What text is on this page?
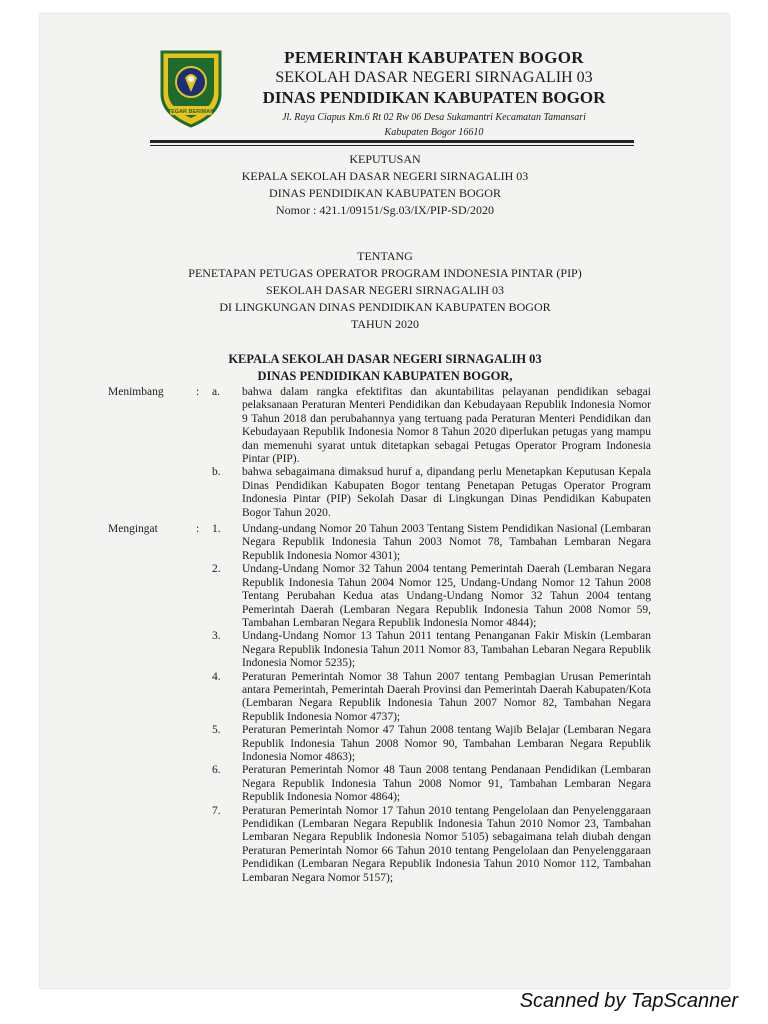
TEGAR BERIMAN
PEMERINTAH KABUPATEN BOGOR
SEKOLAH DASAR NEGERI SIRNAGALIH 03
DINAS PENDIDIKAN KABUPATEN BOGOR
Jl. Raya Ciapus Km.6 Rt 02 Rw 06 Desa Sukamantri Kecamatan Tamansari
Kabupaten Bogor 16610
KEPUTUSAN
KEPALA SEKOLAH DASAR NEGERI SIRNAGALIH 03
DINAS PENDIDIKAN KABUPATEN BOGOR
Nomor : 421.1/09151/Sg.03/IX/PIP-SD/2020
TENTANG
PENETAPAN PETUGAS OPERATOR PROGRAM INDONESIA PINTAR (PIP)
SEKOLAH DASAR NEGERI SIRNAGALIH 03
DI LINGKUNGAN DINAS PENDIDIKAN KABUPATEN BOGOR
TAHUN 2020
KEPALA SEKOLAH DASAR NEGERI SIRNAGALIH 03
DINAS PENDIDIKAN KABUPATEN BOGOR,
Menimbang	:	a.	bahwa dalam rangka efektifitas dan akuntabilitas pelayanan pendidikan sebagai pelaksanaan Peraturan Menteri Pendidikan dan Kebudayaan Republik Indonesia Nomor 9 Tahun 2018 dan perubahannya yang tertuang pada Peraturan Menteri Pendidikan dan Kebudayaan Republik Indonesia Nomor 8 Tahun 2020 diperlukan petugas yang mampu dan memenuhi syarat untuk ditetapkan sebagai Petugas Operator Program Indonesia Pintar (PIP).
b.	bahwa sebagaimana dimaksud huruf a, dipandang perlu Menetapkan Keputusan Kepala Dinas Pendidikan Kabupaten Bogor tentang Penetapan Petugas Operator Program Indonesia Pintar (PIP) Sekolah Dasar di Lingkungan Dinas Pendidikan Kabupaten Bogor Tahun 2020.
Mengingat	:	1.	Undang-undang Nomor 20 Tahun 2003 Tentang Sistem Pendidikan Nasional (Lembaran Negara Republik Indonesia Tahun 2003 Nomot 78, Tambahan Lembaran Negara Republik Indonesia Nomor 4301);
2.	Undang-Undang Nomor 32 Tahun 2004 tentang Pemerintah Daerah (Lembaran Negara Republik Indonesia Tahun 2004 Nomor 125, Undang-Undang Nomor 12 Tahun 2008 Tentang Perubahan Kedua atas Undang-Undang Nomor 32 Tahun 2004 tentang Pemerintah Daerah (Lembaran Negara Republik Indonesia Tahun 2008 Nomor 59, Tambahan Lembaran Negara Republik Indonesia Nomor 4844);
3.	Undang-Undang Nomor 13 Tahun 2011 tentang Penanganan Fakir Miskin (Lembaran Negara Republik Indonesia Tahun 2011 Nomor 83, Tambahan Lebaran Negara Republik Indonesia Nomor 5235);
4.	Peraturan Pemerintah Nomor 38 Tahun 2007 tentang Pembagian Urusan Pemerintah antara Pemerintah, Pemerintah Daerah Provinsi dan Pemerintah Daerah Kabupaten/Kota (Lembaran Negara Republik Indonesia Tahun 2007 Nomor 82, Tambahan Negara Republik Indonesia Nomor 4737);
5.	Peraturan Pemerintah Nomor 47 Tahun 2008 tentang Wajib Belajar (Lembaran Negara Republik Indonesia Tahun 2008 Nomor 90, Tambahan Lembaran Negara Republik Indonesia Nomor 4863);
6.	Peraturan Pemerintah Nomor 48 Taun 2008 tentang Pendanaan Pendidikan (Lembaran Negara Republik Indonesia Tahun 2008 Nomor 91, Tambahan Lembaran Negara Republik Indonesia Nomor 4864);
7.	Peraturan Pemerintah Nomor 17 Tahun 2010 tentang Pengelolaan dan Penyelenggaraan Pendidikan (Lembaran Negara Republik Indonesia Tahun 2010 Nomor 23, Tambahan Lembaran Negara Republik Indonesia Nomor 5105) sebagaimana telah diubah dengan Peraturan Pemerintah Nomor 66 Tahun 2010 tentang Pengelolaan dan Penyelenggaraan Pendidikan (Lembaran Negara Republik Indonesia Tahun 2010 Nomor 112, Tambahan Lembaran Negara Nomor 5157);
Scanned by TapScanner
